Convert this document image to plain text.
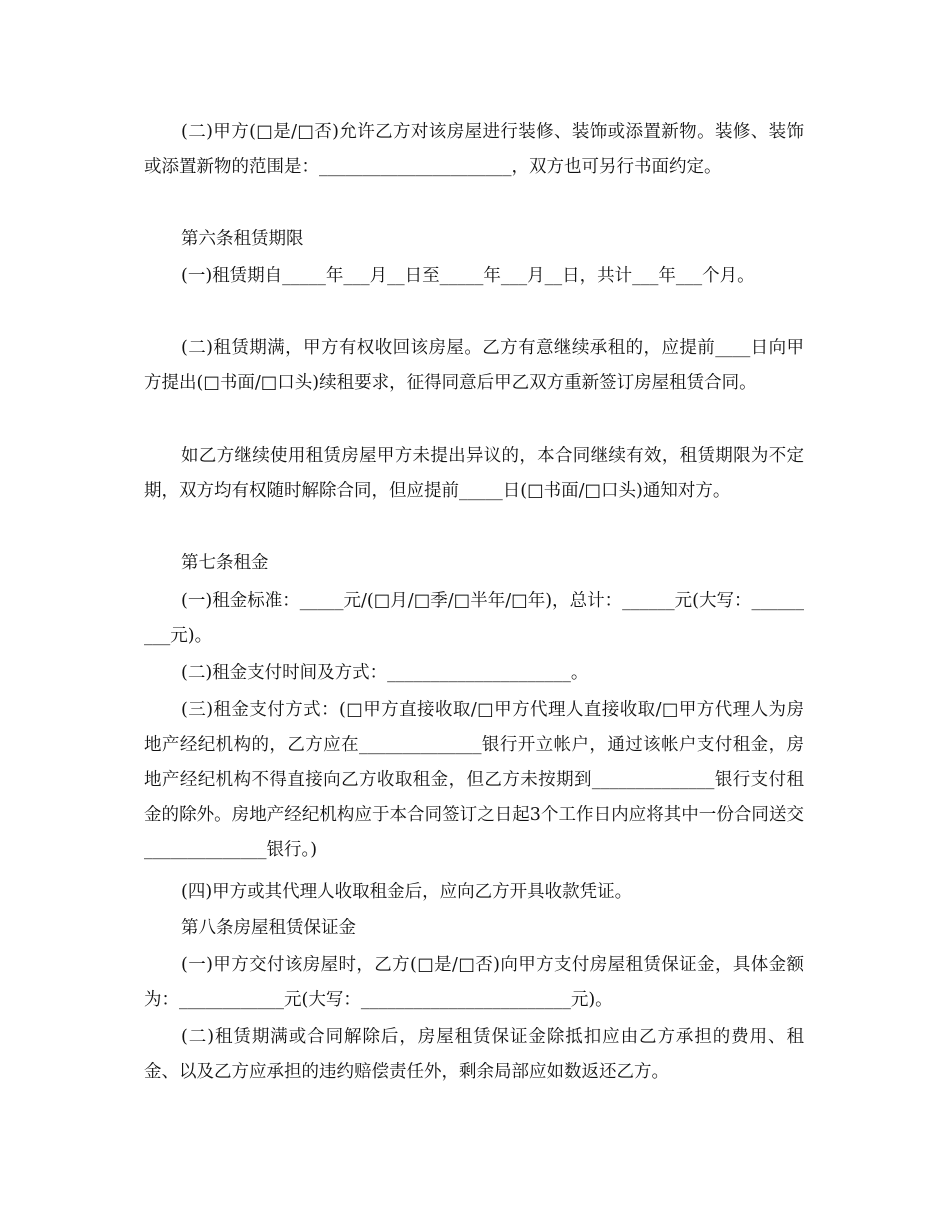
(二)甲方(□是/□否)允许乙方对该房屋进行装修、装饰或添置新物。装修、装饰或添置新物的范围是：______________________，双方也可另行书面约定。

第六条租赁期限

(一)租赁期自_____年___月__日至_____年___月__日，共计___年___个月。

(二)租赁期满，甲方有权收回该房屋。乙方有意继续承租的，应提前____日向甲方提出(□书面/□口头)续租要求，征得同意后甲乙双方重新签订房屋租赁合同。

如乙方继续使用租赁房屋甲方未提出异议的，本合同继续有效，租赁期限为不定期，双方均有权随时解除合同，但应提前_____日(□书面/□口头)通知对方。

第七条租金

(一)租金标准：_____元/(□月/□季/□半年/□年)，总计：______元(大写：_________元)。

(二)租金支付时间及方式：_____________________。

(三)租金支付方式：(□甲方直接收取/□甲方代理人直接收取/□甲方代理人为房地产经纪机构的，乙方应在______________银行开立帐户，通过该帐户支付租金，房地产经纪机构不得直接向乙方收取租金，但乙方未按期到______________银行支付租金的除外。房地产经纪机构应于本合同签订之日起3个工作日内应将其中一份合同送交______________银行。)

(四)甲方或其代理人收取租金后，应向乙方开具收款凭证。

第八条房屋租赁保证金

(一)甲方交付该房屋时，乙方(□是/□否)向甲方支付房屋租赁保证金，具体金额为：____________元(大写：________________________元)。

(二)租赁期满或合同解除后，房屋租赁保证金除抵扣应由乙方承担的费用、租金、以及乙方应承担的违约赔偿责任外，剩余局部应如数返还乙方。
